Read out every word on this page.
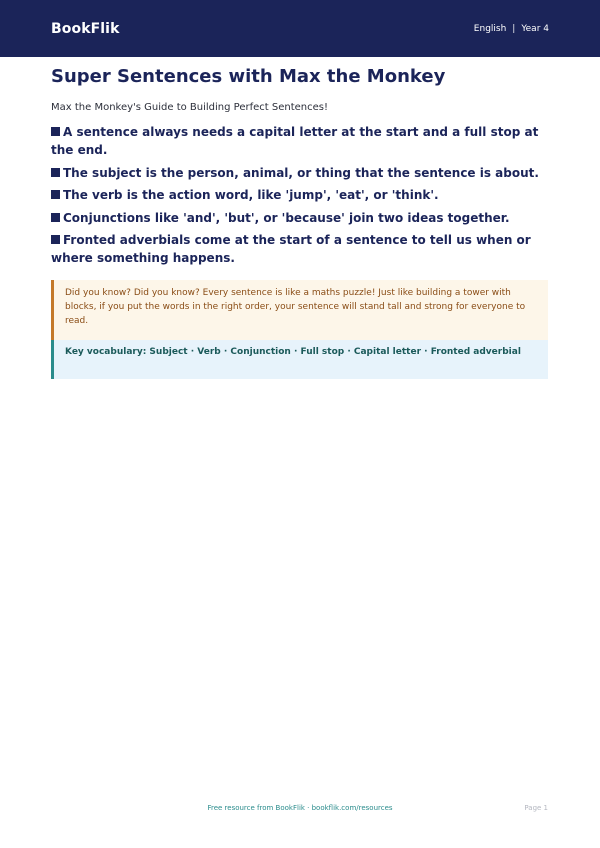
BookFlik	English | Year 4
Super Sentences with Max the Monkey

Max the Monkey's Guide to Building Perfect Sentences!

A sentence always needs a capital letter at the start and a full stop at the end.
The subject is the person, animal, or thing that the sentence is about.
The verb is the action word, like 'jump', 'eat', or 'think'.
Conjunctions like 'and', 'but', or 'because' join two ideas together.
Fronted adverbials come at the start of a sentence to tell us when or where something happens.
Did you know? Did you know? Every sentence is like a maths puzzle! Just like building a tower with blocks, if you put the words in the right order, your sentence will stand tall and strong for everyone to read.
Key vocabulary: Subject · Verb · Conjunction · Full stop · Capital letter · Fronted adverbial
Free resource from BookFlik · bookflik.com/resources	Page 1
